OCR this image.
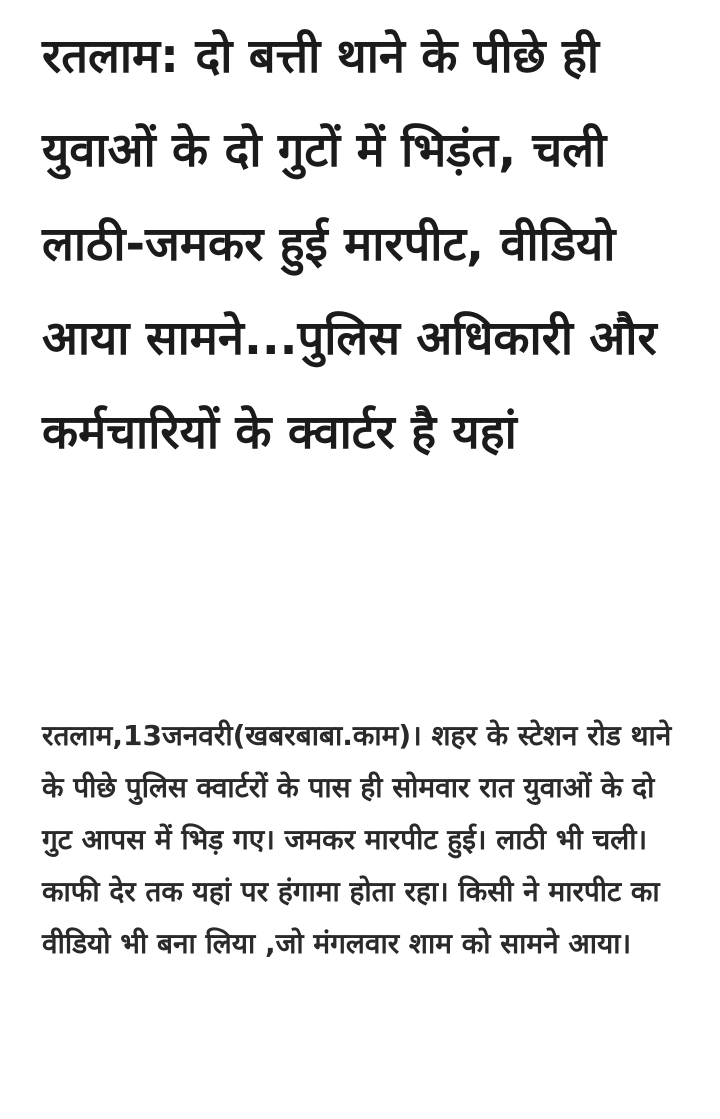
रतलाम: दो बत्ती थाने के पीछे ही युवाओं के दो गुटों में भिड़ंत, चली लाठी-जमकर हुई मारपीट, वीडियो आया सामने...पुलिस अधिकारी और कर्मचारियों के क्वार्टर है यहां

रतलाम,13जनवरी(खबरबाबा.काम)। शहर के स्टेशन रोड थाने के पीछे पुलिस क्वार्टरों के पास ही सोमवार रात युवाओं के दो गुट आपस में भिड़ गए। जमकर मारपीट हुई। लाठी भी चली। काफी देर तक यहां पर हंगामा होता रहा। किसी ने मारपीट का वीडियो भी बना लिया ,जो मंगलवार शाम को सामने आया।
